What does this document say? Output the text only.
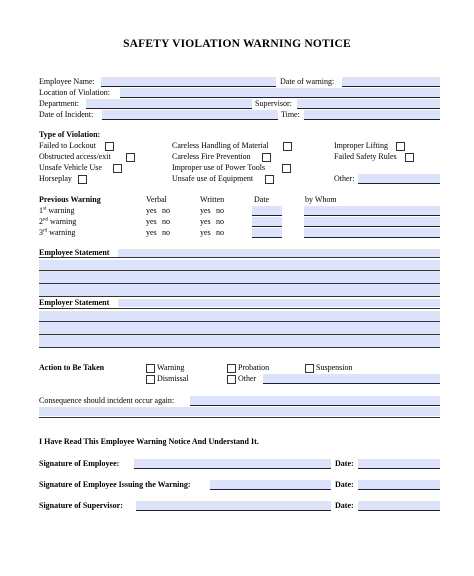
SAFETY VIOLATION WARNING NOTICE
Employee Name:	Date of warning:
Location of Violation:
Department:	Supervisor:
Date of Incident:	Time:
Type of Violation:
Failed to Lockout
Obstructed access/exit
Unsafe Vehicle Use
Horseplay
Careless Handling of Material
Careless Fire Prevention
Improper use of Power Tools
Unsafe use of Equipment
Improper Lifting
Failed Safety Rules
Other:
Previous Warning	Verbal	Written	Date	by Whom
1st warning	yes no	yes no
2nd warning	yes no	yes no
3rd warning	yes no	yes no
Employee Statement
Employer Statement
Action to Be Taken	Warning	Probation	Suspension
Dismissal	Other
Consequence should incident occur again:
I Have Read This Employee Warning Notice And Understand It.
Signature of Employee:	Date:
Signature of Employee Issuing the Warning:	Date:
Signature of Supervisor:	Date:
